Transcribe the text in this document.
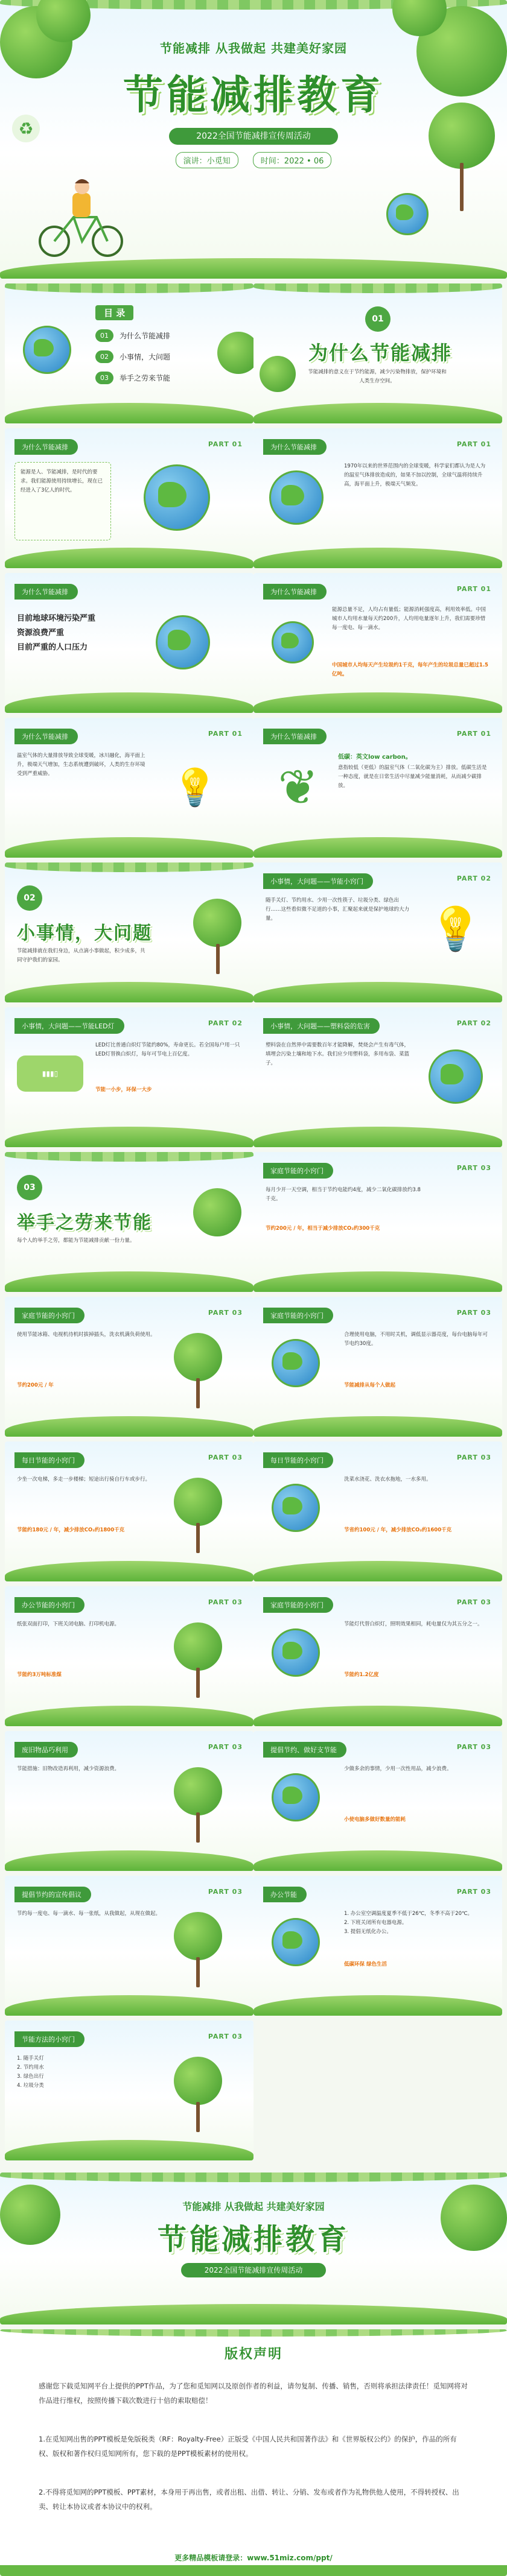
节能减排 从我做起 共建美好家园
节能减排教育
2022全国节能减排宣传周活动
演讲：小觅知	时间：2022 • 06
♻
目 录
01	为什么节能减排
02	小事情，大问题
03	举手之劳来节能
01
为什么节能减排
节能减排的意义在于节约能源，减少污染物排放，保护环境和人类生存空间。
为什么节能减排	PART 01
能源是人、节能减排，是时代的要求。我们能源使用持续增长，现在已经进入了3亿人的时代。
为什么节能减排	PART 01
1970年以来的世界范围内的全球变暖，科学家们都认为是人为的温室气体排放造成的，如果不加以控制，全球气温将持续升高，海平面上升，极端天气频发。
为什么节能减排
目前地球环境污染严重
资源浪费严重
目前严重的人口压力
为什么节能减排	PART 01
能源总量不足，人均占有量低；能源消耗强度高，利用效率低。中国城市人均用水量每天约200升，人均用电量逐年上升，我们需要珍惜每一度电、每一滴水。
中国城市人均每天产生垃圾约1千克，每年产生的垃圾总量已超过1.5亿吨。
为什么节能减排	PART 01
温室气体的大量排放导致全球变暖，冰川融化，海平面上升，极端天气增加，生态系统遭到破坏，人类的生存环境受到严重威胁。	💡
为什么节能减排	PART 01
❦
低碳：英文low carbon。
意指较低（更低）的温室气体（二氧化碳为主）排放。低碳生活是一种态度，就是在日常生活中尽量减少能量消耗，从而减少碳排放。
02
小事情，大问题
节能减排就在我们身边，从点滴小事做起，积少成多，共同守护我们的家园。
小事情，大问题——节能小窍门	PART 02
随手关灯、节约用水、少用一次性筷子、垃圾分类、绿色出行……这些看似微不足道的小事，汇聚起来就是保护地球的大力量。	💡
小事情，大问题——节能LED灯	PART 02
▮▮▮▯
LED灯比普通白炽灯节能约80%，寿命更长。若全国每户用一只LED灯替换白炽灯，每年可节电上百亿度。
节能一小步，环保一大步
小事情，大问题——塑料袋的危害	PART 02
塑料袋在自然界中需要数百年才能降解，焚烧会产生有毒气体，填埋会污染土壤和地下水。我们应少用塑料袋，多用布袋、菜篮子。
03
举手之劳来节能
每个人的举手之劳，都能为节能减排贡献一份力量。
家庭节能的小窍门	PART 03
每月少开一天空调，相当于节约电能约4度，减少二氧化碳排放约3.8千克。
节约200元 / 年，相当于减少排放CO₂约300千克
家庭节能的小窍门	PART 03
使用节能冰箱、电视机待机时拔掉插头，洗衣机满负荷使用。
节约200元 / 年
家庭节能的小窍门	PART 03
合理使用电脑，不用时关机，调低显示器亮度，每台电脑每年可节电约30度。
节能减排从每个人做起
每日节能的小窍门	PART 03
少坐一次电梯，多走一步楼梯；短途出行骑自行车或步行。
节能约180元 / 年，减少排放CO₂约1800千克
每日节能的小窍门	PART 03
洗菜水浇花、洗衣水拖地，一水多用。
节省约100元 / 年，减少排放CO₂约1600千克
办公节能的小窍门	PART 03
纸张双面打印，下班关闭电脑、打印机电源。
节能约3万吨标准煤
家庭节能的小窍门	PART 03
节能灯代替白炽灯，照明效果相同，耗电量仅为其五分之一。
节能约1.2亿度
废旧物品巧利用	PART 03
节能措施：旧物改造再利用，减少资源浪费。
提倡节约、做好支节能	PART 03
少做多余的事情，少用一次性用品，减少浪费。
小使电脑多做好数量的能耗
提倡节约的宣传倡议	PART 03
节约每一度电、每一滴水、每一张纸，从我做起，从现在做起。
办公节能	PART 03
1. 办公室空调温度夏季不低于26℃，冬季不高于20℃。
2. 下班关闭所有电器电源。
3. 提倡无纸化办公。
低碳环保 绿色生活
节能方法的小窍门	PART 03
1. 随手关灯
2. 节约用水
3. 绿色出行
4. 垃圾分类
节能减排 从我做起 共建美好家园
节能减排教育
2022全国节能减排宣传周活动
版权声明
感谢您下载觅知网平台上提供的PPT作品，为了您和觅知网以及原创作者的利益，请勿复制、传播、销售，否则将承担法律责任！觅知网将对作品进行维权，按照传播下载次数进行十倍的索取赔偿！
1.在觅知网出售的PPT模板是免版税类（RF：Royalty-Free）正版受《中国人民共和国著作法》和《世界版权公约》的保护，作品的所有权、版权和著作权归觅知网所有，您下载的是PPT模板素材的使用权。
2.不得将觅知网的PPT模板、PPT素材，本身用于再出售，或者出租、出借、转让、分销、发布或者作为礼物供他人使用，不得转授权、出卖、转让本协议或者本协议中的权利。
更多精品模板请登录：www.51miz.com/ppt/
